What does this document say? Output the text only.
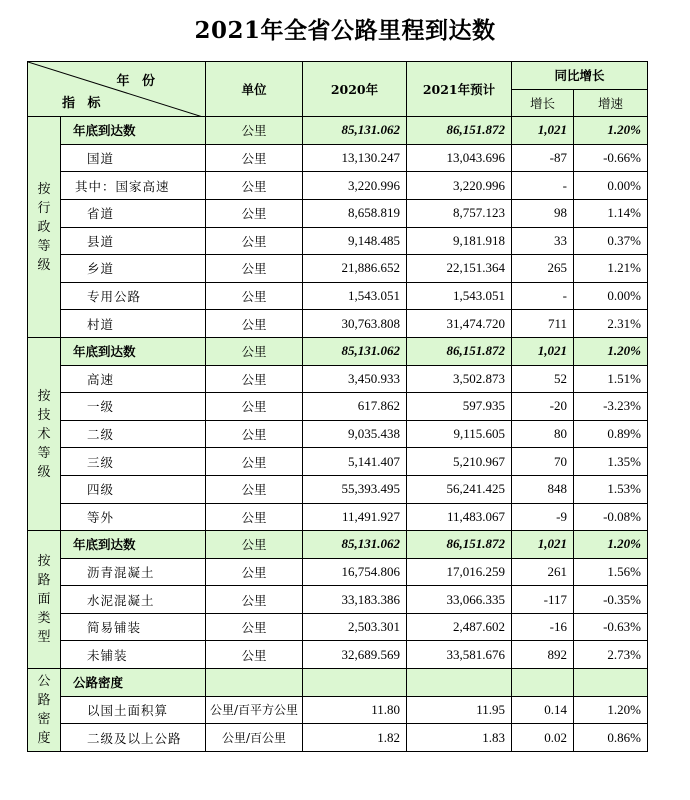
2021年全省公路里程到达数
年 份
指 标		单位	2020年	2021年预计	同比增长	
					增长	增速
按行政等级	年底到达数	公里	85,131.062	86,151.872	1,021	1.20%
	国道	公里	13,130.247	13,043.696	-87	-0.66%
	其中：国家高速	公里	3,220.996	3,220.996	-	0.00%
	省道	公里	8,658.819	8,757.123	98	1.14%
	县道	公里	9,148.485	9,181.918	33	0.37%
	乡道	公里	21,886.652	22,151.364	265	1.21%
	专用公路	公里	1,543.051	1,543.051	-	0.00%
	村道	公里	30,763.808	31,474.720	711	2.31%
按技术等级	年底到达数	公里	85,131.062	86,151.872	1,021	1.20%
	高速	公里	3,450.933	3,502.873	52	1.51%
	一级	公里	617.862	597.935	-20	-3.23%
	二级	公里	9,035.438	9,115.605	80	0.89%
	三级	公里	5,141.407	5,210.967	70	1.35%
	四级	公里	55,393.495	56,241.425	848	1.53%
	等外	公里	11,491.927	11,483.067	-9	-0.08%
按路面类型	年底到达数	公里	85,131.062	86,151.872	1,021	1.20%
	沥青混凝土	公里	16,754.806	17,016.259	261	1.56%
	水泥混凝土	公里	33,183.386	33,066.335	-117	-0.35%
	简易铺装	公里	2,503.301	2,487.602	-16	-0.63%
	未铺装	公里	32,689.569	33,581.676	892	2.73%
公路密度	公路密度					
	以国土面积算	公里/百平方公里	11.80	11.95	0.14	1.20%
	二级及以上公路	公里/百公里	1.82	1.83	0.02	0.86%
